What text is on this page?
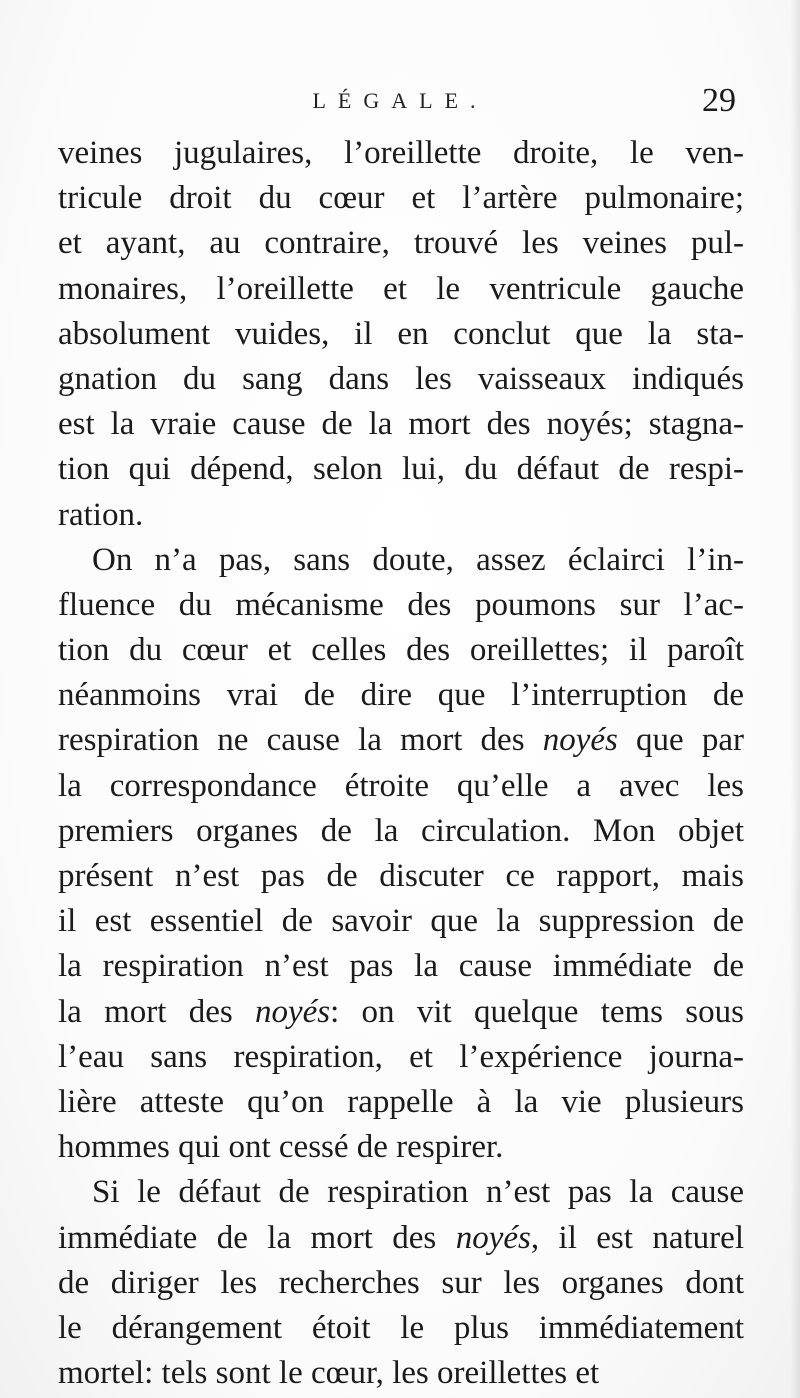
LÉGALE.	29
veines jugulaires, l’oreillette droite, le ven-
tricule droit du cœur et l’artère pulmonaire;
et ayant, au contraire, trouvé les veines pul-
monaires, l’oreillette et le ventricule gauche
absolument vuides, il en conclut que la sta-
gnation du sang dans les vaisseaux indiqués
est la vraie cause de la mort des noyés; stagna-
tion qui dépend, selon lui, du défaut de respi-
ration.
On n’a pas, sans doute, assez éclairci l’in-
fluence du mécanisme des poumons sur l’ac-
tion du cœur et celles des oreillettes; il paroît
néanmoins vrai de dire que l’interruption de
respiration ne cause la mort des noyés que par
la correspondance étroite qu’elle a avec les
premiers organes de la circulation. Mon objet
présent n’est pas de discuter ce rapport, mais
il est essentiel de savoir que la suppression de
la respiration n’est pas la cause immédiate de
la mort des noyés: on vit quelque tems sous
l’eau sans respiration, et l’expérience journa-
lière atteste qu’on rappelle à la vie plusieurs
hommes qui ont cessé de respirer.
Si le défaut de respiration n’est pas la cause
immédiate de la mort des noyés, il est naturel
de diriger les recherches sur les organes dont
le dérangement étoit le plus immédiatement
mortel: tels sont le cœur, les oreillettes et
